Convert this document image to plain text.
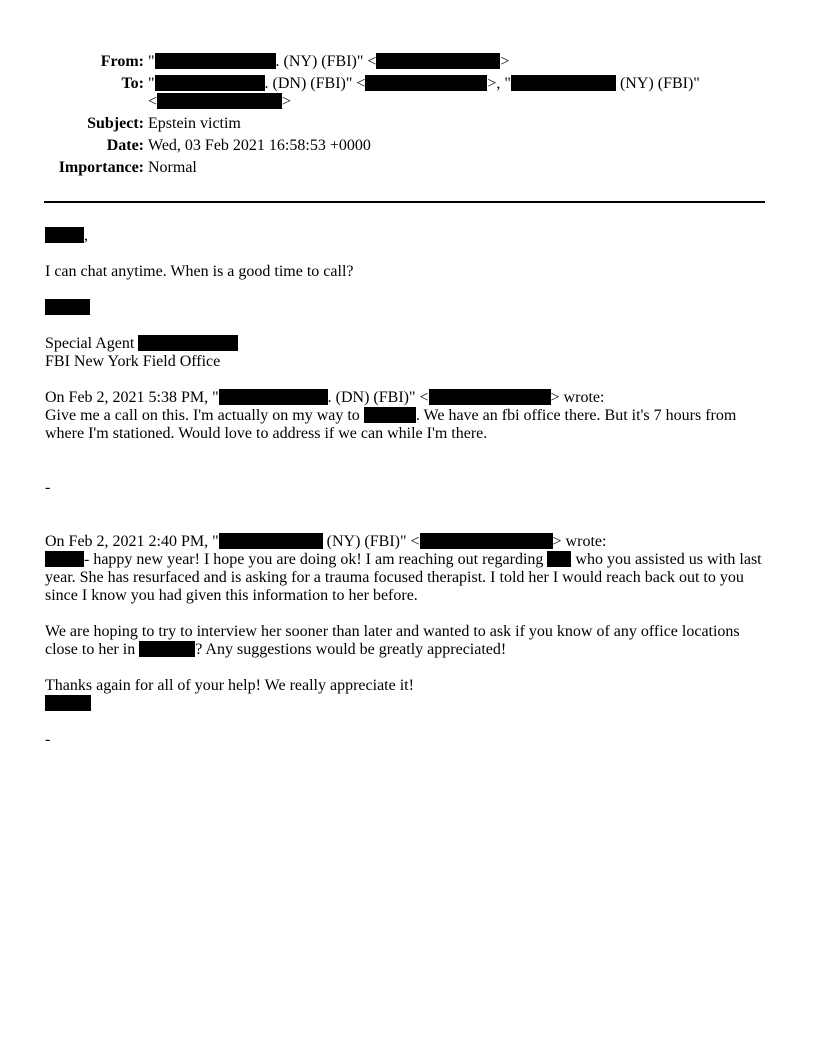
From: "	. (NY) (FBI)" <	>
To: "	. (DN) (FBI)" <	>, "	(NY) (FBI)"
<	>
Subject: Epstein victim
Date: Wed, 03 Feb 2021 16:58:53 +0000
Importance: Normal

,

I can chat anytime. When is a good time to call?

Special Agent
FBI New York Field Office

On Feb 2, 2021 5:38 PM, "	. (DN) (FBI)" <	> wrote:
Give me a call on this. I'm actually on my way to	. We have an fbi office there. But it's 7 hours from where I'm stationed. Would love to address if we can while I'm there.

-

On Feb 2, 2021 2:40 PM, "	(NY) (FBI)" <	> wrote:
- happy new year! I hope you are doing ok! I am reaching out regarding  who you assisted us with last year. She has resurfaced and is asking for a trauma focused therapist. I told her I would reach back out to you since I know you had given this information to her before.

We are hoping to try to interview her sooner than later and wanted to ask if you know of any office locations close to her in	? Any suggestions would be greatly appreciated!

Thanks again for all of your help! We really appreciate it!

-
